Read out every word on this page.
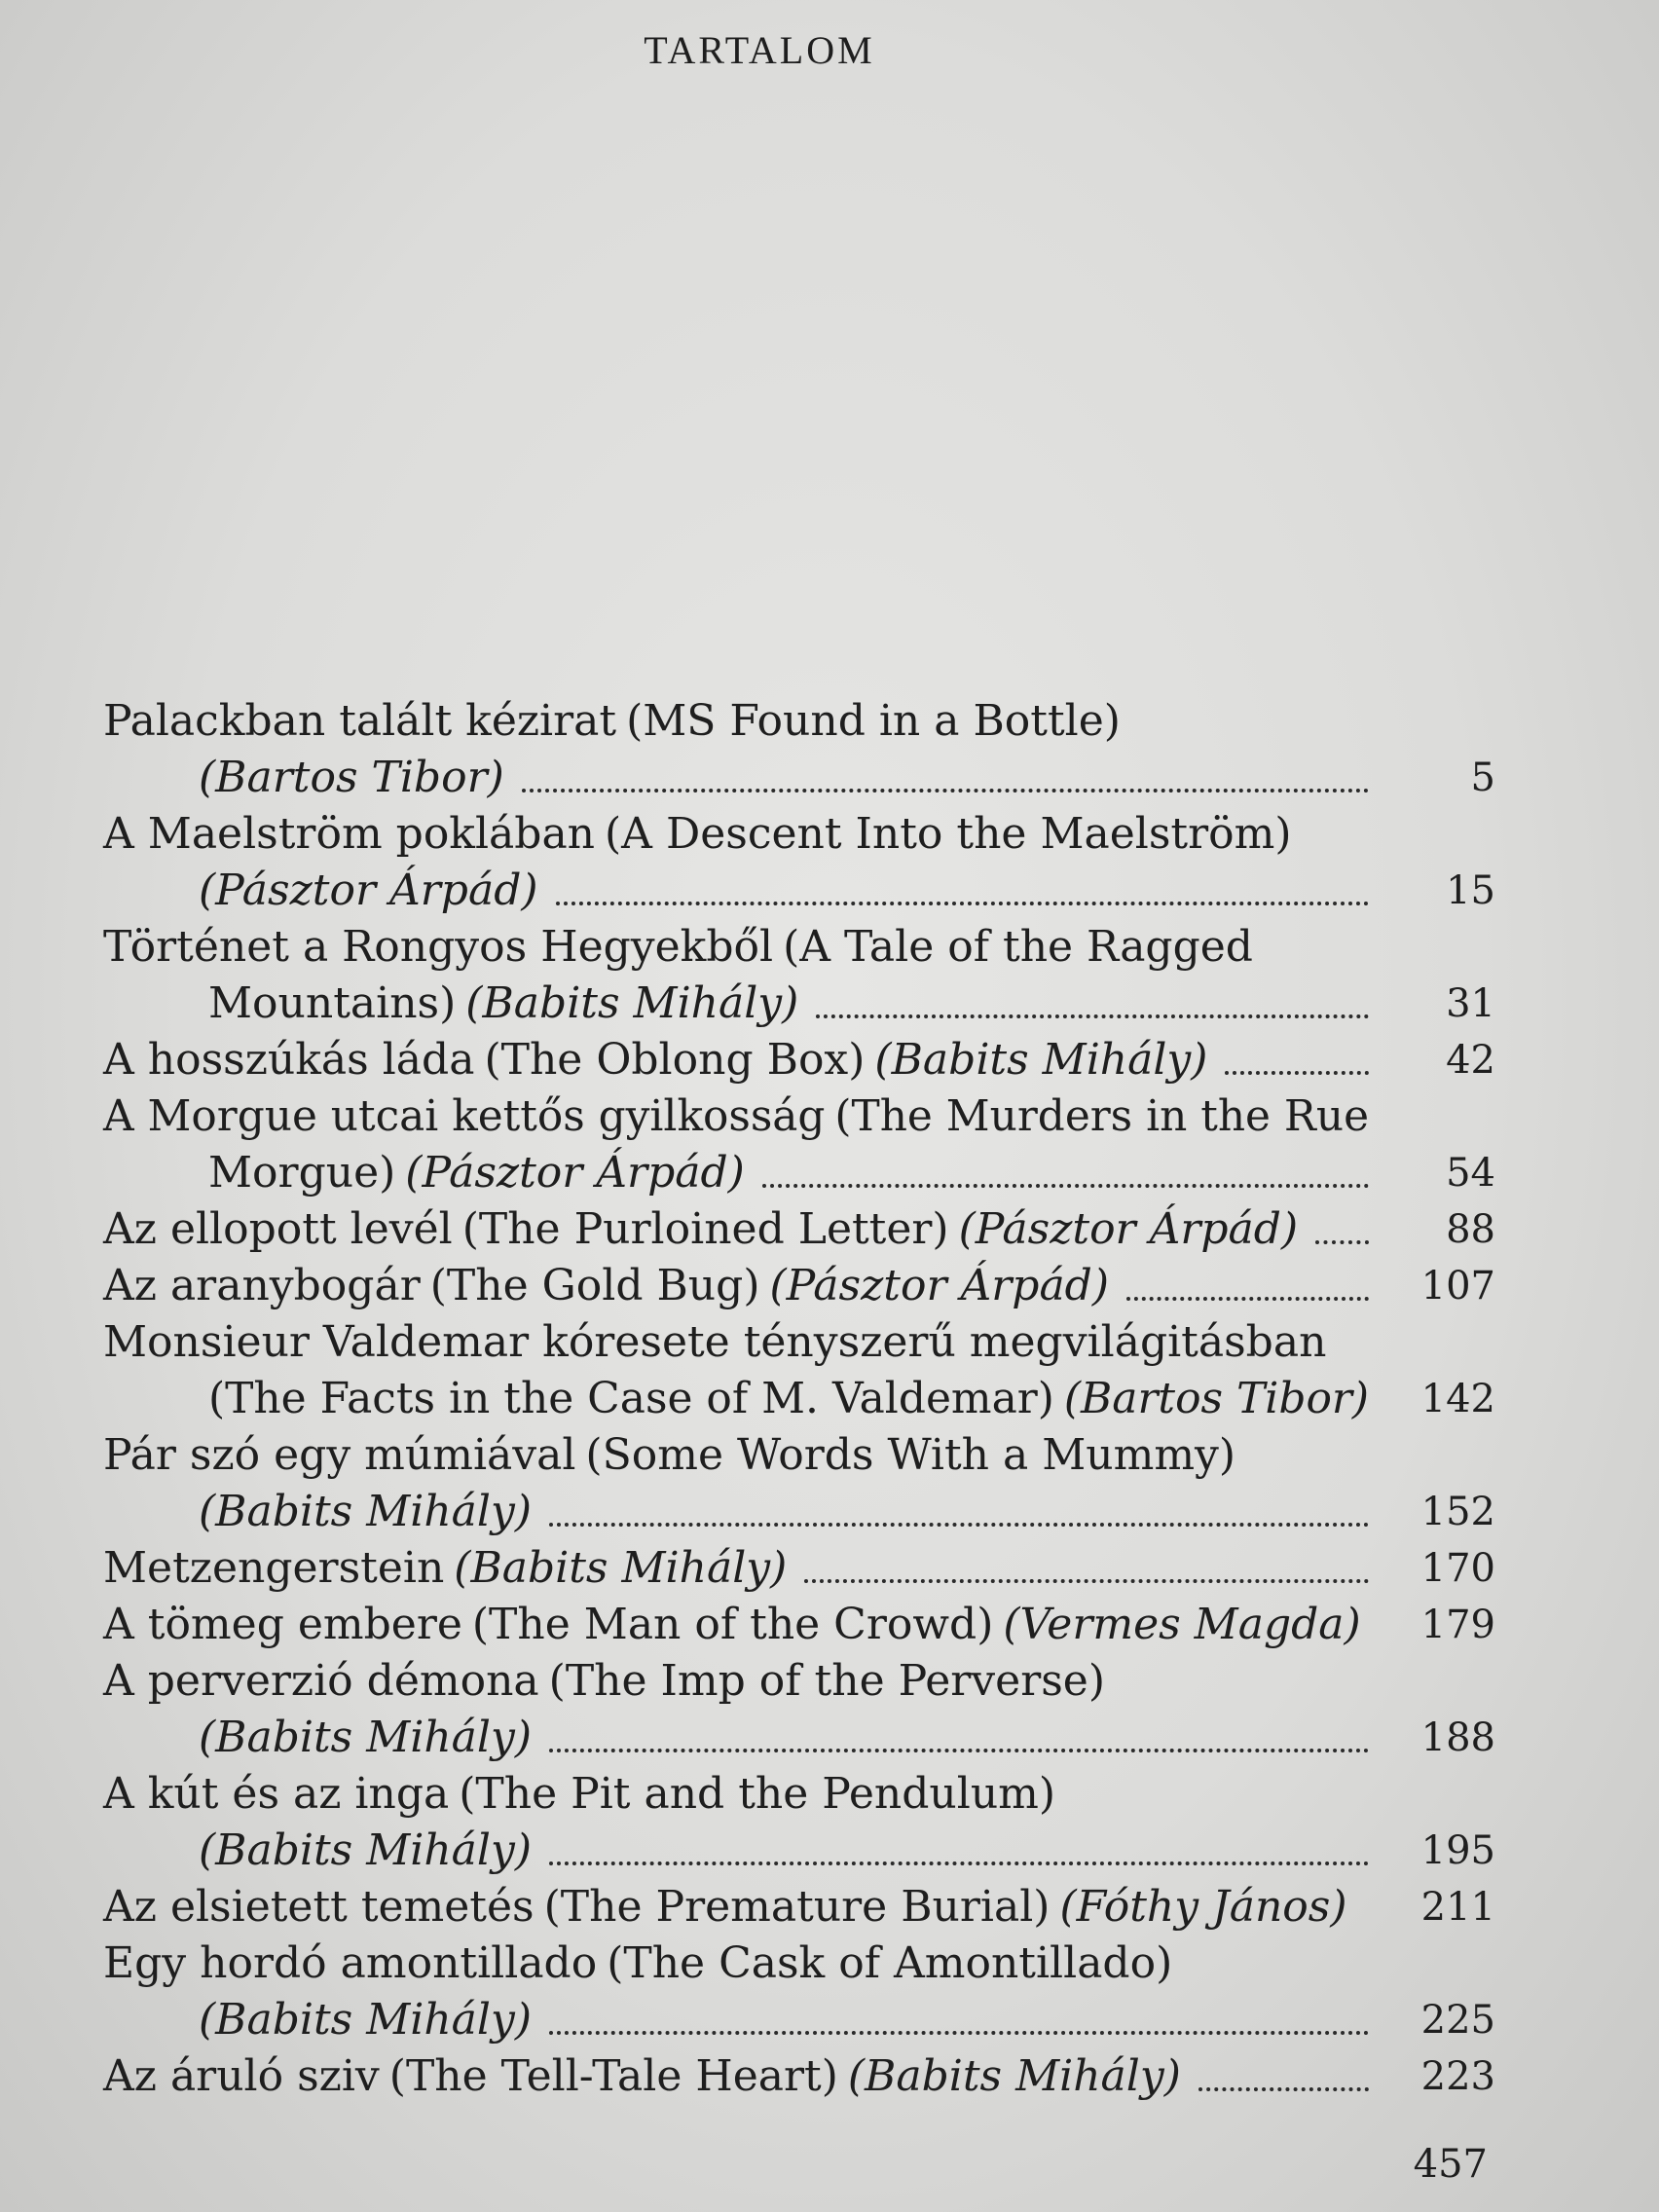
TARTALOM
Palackban talált kézirat (MS Found in a Bottle)
(Bartos Tibor)	5
A Maelström poklában (A Descent Into the Maelström)
(Pásztor Árpád)	15
Történet a Rongyos Hegyekből (A Tale of the Ragged
Mountains) (Babits Mihály)	31
A hosszúkás láda (The Oblong Box) (Babits Mihály)	42
A Morgue utcai kettős gyilkosság (The Murders in the Rue
Morgue) (Pásztor Árpád)	54
Az ellopott levél (The Purloined Letter) (Pásztor Árpád)	88
Az aranybogár (The Gold Bug) (Pásztor Árpád)	107
Monsieur Valdemar kóresete tényszerű megvilágitásban
(The Facts in the Case of M. Valdemar) (Bartos Tibor)	142
Pár szó egy múmiával (Some Words With a Mummy)
(Babits Mihály)	152
Metzengerstein (Babits Mihály)	170
A tömeg embere (The Man of the Crowd) (Vermes Magda)	179
A perverzió démona (The Imp of the Perverse)
(Babits Mihály)	188
A kút és az inga (The Pit and the Pendulum)
(Babits Mihály)	195
Az elsietett temetés (The Premature Burial) (Fóthy János)	211
Egy hordó amontillado (The Cask of Amontillado)
(Babits Mihály)	225
Az áruló sziv (The Tell-Tale Heart) (Babits Mihály)	223
457
